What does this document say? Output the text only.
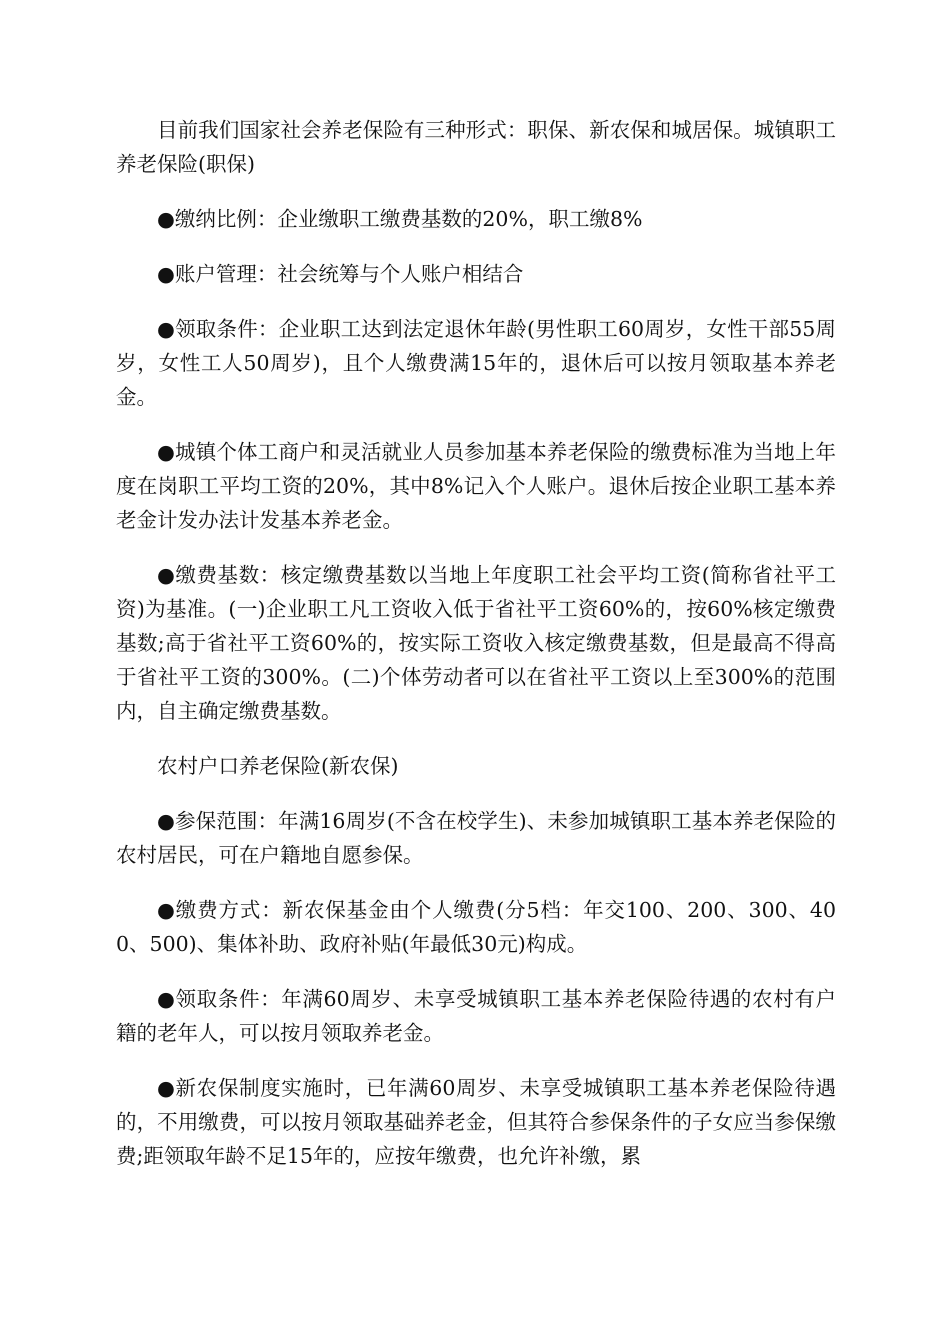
目前我们国家社会养老保险有三种形式：职保、新农保和城居保。城镇职工养老保险(职保)

●缴纳比例：企业缴职工缴费基数的20%，职工缴8%

●账户管理：社会统筹与个人账户相结合

●领取条件：企业职工达到法定退休年龄(男性职工60周岁，女性干部55周岁，女性工人50周岁)，且个人缴费满15年的，退休后可以按月领取基本养老金。

●城镇个体工商户和灵活就业人员参加基本养老保险的缴费标准为当地上年度在岗职工平均工资的20%，其中8%记入个人账户。退休后按企业职工基本养老金计发办法计发基本养老金。

●缴费基数：核定缴费基数以当地上年度职工社会平均工资(简称省社平工资)为基准。(一)企业职工凡工资收入低于省社平工资60%的，按60%核定缴费基数;高于省社平工资60%的，按实际工资收入核定缴费基数，但是最高不得高于省社平工资的300%。(二)个体劳动者可以在省社平工资以上至300%的范围内，自主确定缴费基数。

农村户口养老保险(新农保)

●参保范围：年满16周岁(不含在校学生)、未参加城镇职工基本养老保险的农村居民，可在户籍地自愿参保。

●缴费方式：新农保基金由个人缴费(分5档：年交100、200、300、400、500)、集体补助、政府补贴(年最低30元)构成。

●领取条件：年满60周岁、未享受城镇职工基本养老保险待遇的农村有户籍的老年人，可以按月领取养老金。

●新农保制度实施时，已年满60周岁、未享受城镇职工基本养老保险待遇的，不用缴费，可以按月领取基础养老金，但其符合参保条件的子女应当参保缴费;距领取年龄不足15年的，应按年缴费，也允许补缴，累
